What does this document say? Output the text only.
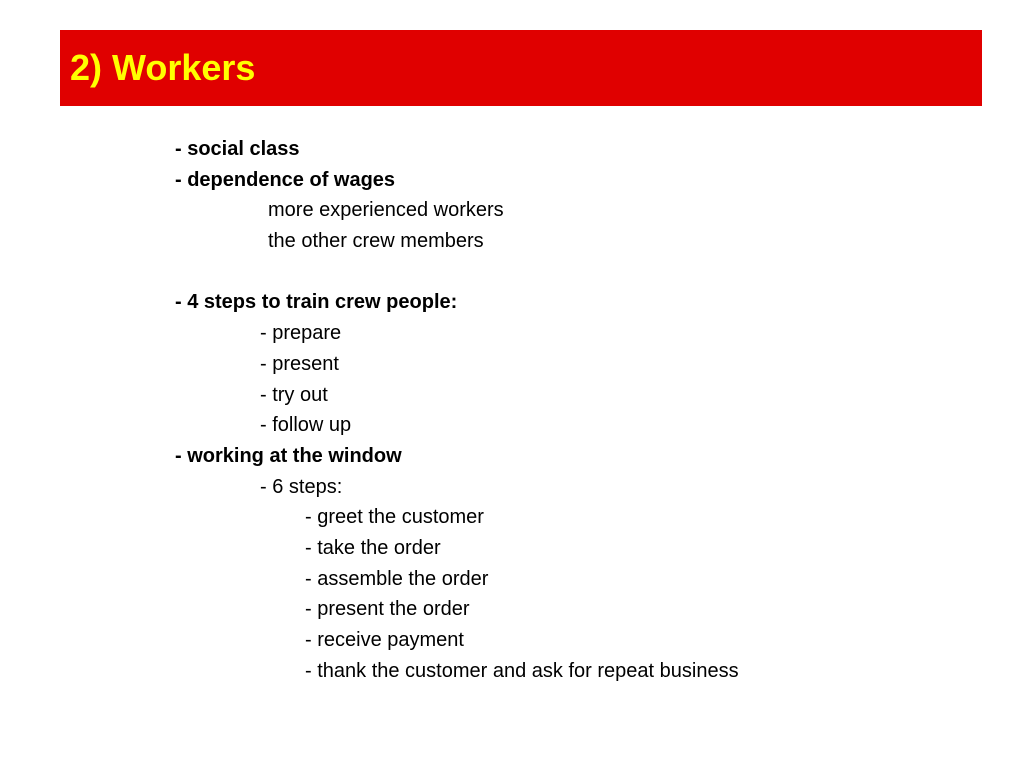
2) Workers
- social class
- dependence of wages
more experienced workers
the other crew members
- 4 steps to train crew people:
- prepare
- present
- try out
- follow up
- working at the window
- 6 steps:
- greet the customer
- take the order
- assemble the order
- present the order
- receive payment
- thank the customer and ask for repeat business
